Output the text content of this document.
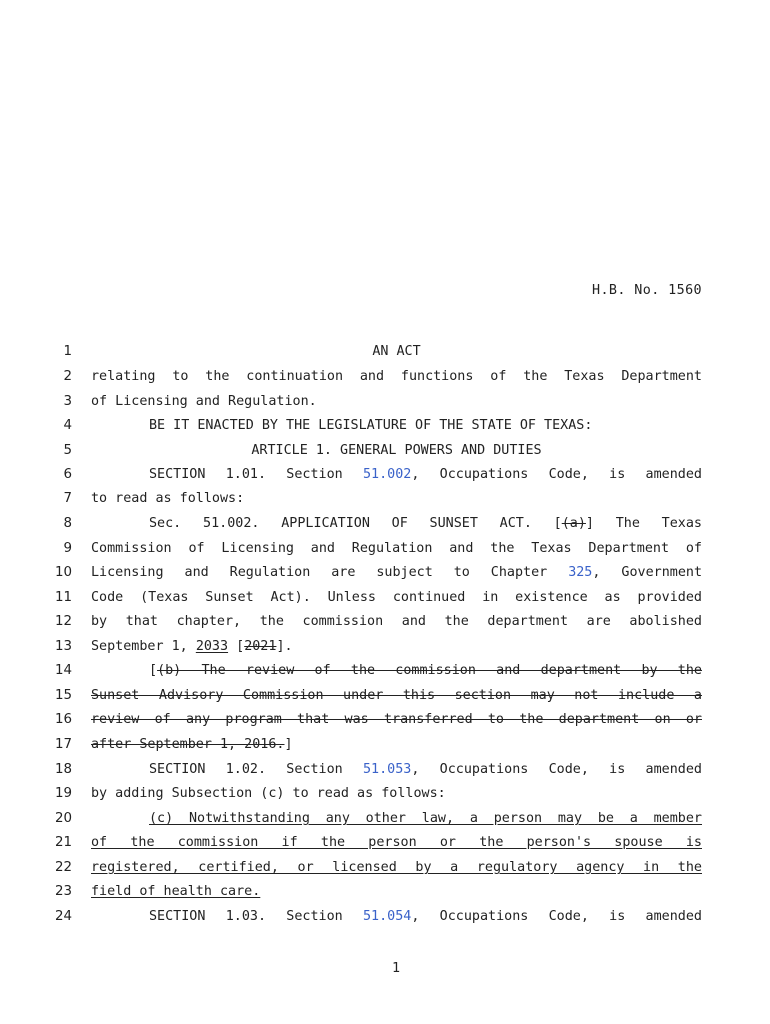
H.B. No. 1560
1	AN ACT
2 relating to the continuation and functions of the Texas Department
3 of Licensing and Regulation.
4	BE IT ENACTED BY THE LEGISLATURE OF THE STATE OF TEXAS:
5	ARTICLE 1. GENERAL POWERS AND DUTIES
6	SECTION 1.01. Section 51.002, Occupations Code, is amended
7 to read as follows:
8	Sec. 51.002. APPLICATION OF SUNSET ACT. [(a)] The Texas
9 Commission of Licensing and Regulation and the Texas Department of
10 Licensing and Regulation are subject to Chapter 325, Government
11 Code (Texas Sunset Act). Unless continued in existence as provided
12 by that chapter, the commission and the department are abolished
13 September 1, 2033 [2021].
14	[(b) The review of the commission and department by the
15 Sunset Advisory Commission under this section may not include a
16 review of any program that was transferred to the department on or
17 after September 1, 2016.]
18	SECTION 1.02. Section 51.053, Occupations Code, is amended
19 by adding Subsection (c) to read as follows:
20	(c) Notwithstanding any other law, a person may be a member
21 of the commission if the person or the person's spouse is
22 registered, certified, or licensed by a regulatory agency in the
23 field of health care.
24	SECTION 1.03. Section 51.054, Occupations Code, is amended
1
